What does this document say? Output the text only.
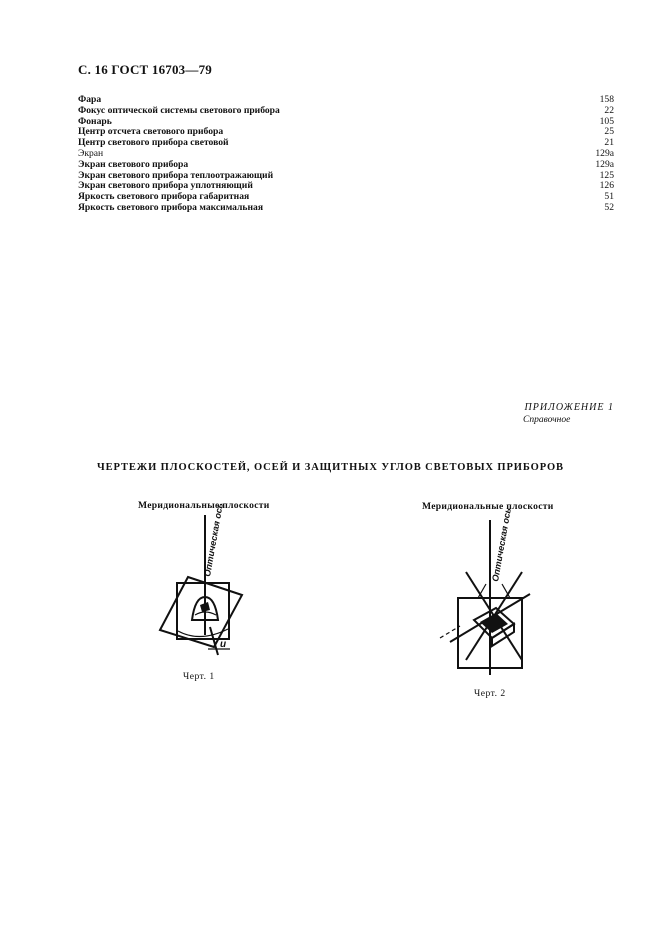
С. 16 ГОСТ 16703—79
Фара	158
Фокус оптической системы светового прибора	22
Фонарь	105
Центр отсчета светового прибора	25
Центр светового прибора световой	21
Экран	129а
Экран светового прибора	129а
Экран светового прибора теплоотражающий	125
Экран светового прибора уплотняющий	126
Яркость светового прибора габаритная	51
Яркость светового прибора максимальная	52
ПРИЛОЖЕНИЕ 1
Справочное
ЧЕРТЕЖИ ПЛОСКОСТЕЙ, ОСЕЙ И ЗАЩИТНЫХ УГЛОВ СВЕТОВЫХ ПРИБОРОВ
Меридиональные плоскости
Оптическая ось
u
Черт. 1
Меридиональные плоскости
Оптическая ось
Черт. 2
